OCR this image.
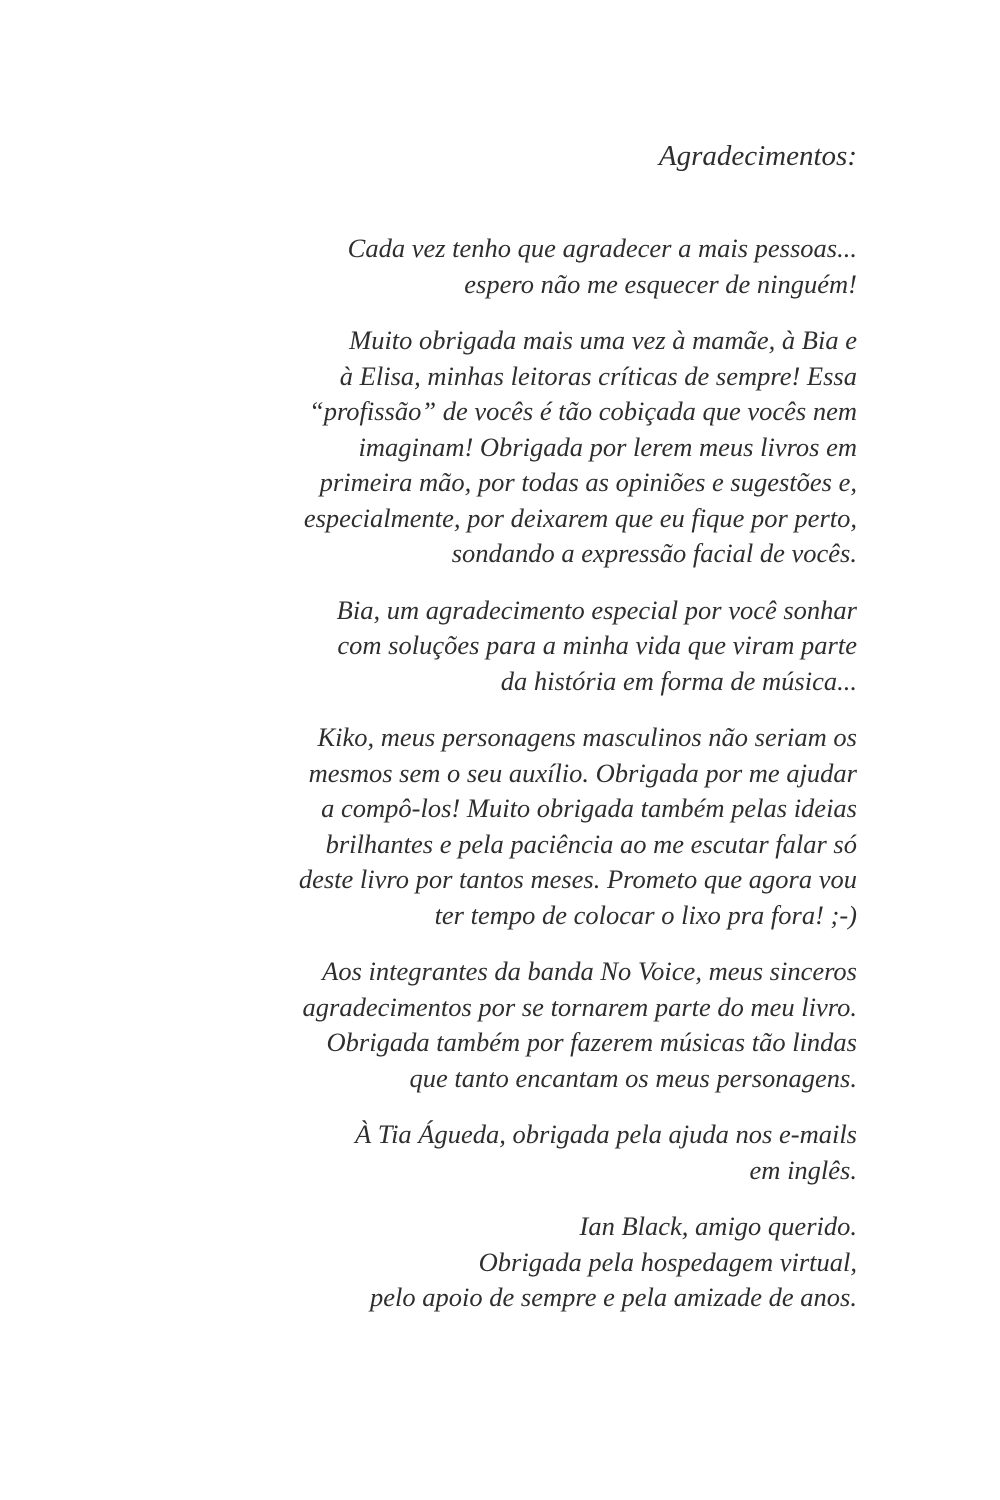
Agradecimentos:

Cada vez tenho que agradecer a mais pessoas...
espero não me esquecer de ninguém!

Muito obrigada mais uma vez à mamãe, à Bia e
à Elisa, minhas leitoras críticas de sempre! Essa
“profissão” de vocês é tão cobiçada que vocês nem
imaginam! Obrigada por lerem meus livros em
primeira mão, por todas as opiniões e sugestões e,
especialmente, por deixarem que eu fique por perto,
sondando a expressão facial de vocês.

Bia, um agradecimento especial por você sonhar
com soluções para a minha vida que viram parte
da história em forma de música...

Kiko, meus personagens masculinos não seriam os
mesmos sem o seu auxílio. Obrigada por me ajudar
a compô-los! Muito obrigada também pelas ideias
brilhantes e pela paciência ao me escutar falar só
deste livro por tantos meses. Prometo que agora vou
ter tempo de colocar o lixo pra fora! ;-)

Aos integrantes da banda No Voice, meus sinceros
agradecimentos por se tornarem parte do meu livro.
Obrigada também por fazerem músicas tão lindas
que tanto encantam os meus personagens.

À Tia Águeda, obrigada pela ajuda nos e-mails
em inglês.

Ian Black, amigo querido.
Obrigada pela hospedagem virtual,
pelo apoio de sempre e pela amizade de anos.
